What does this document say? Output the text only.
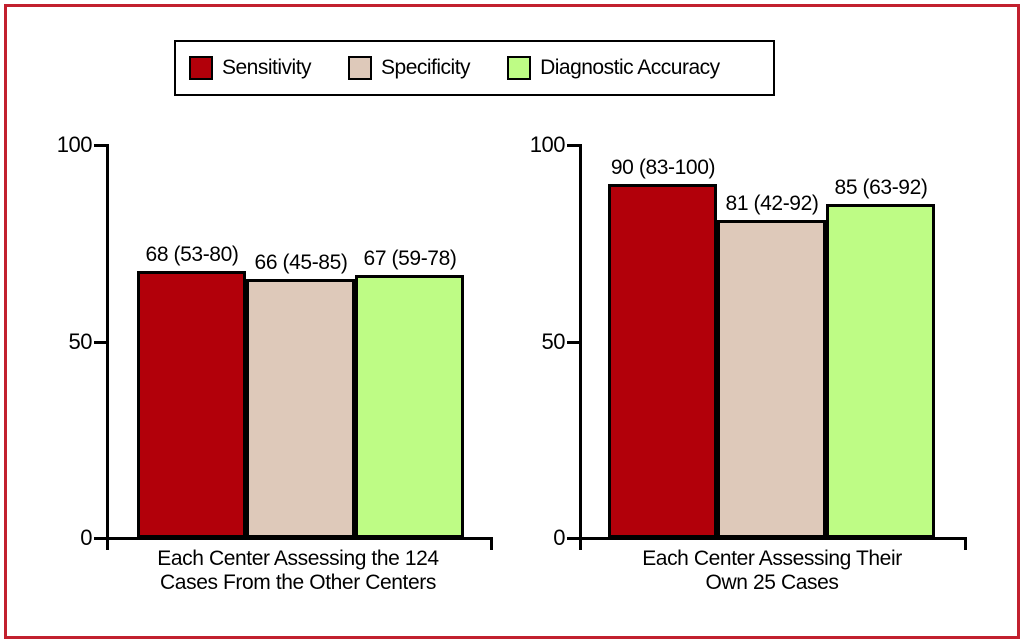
Sensitivity	Specificity	Diagnostic Accuracy
0
50
100
68 (53-80) 66 (45-85) 67 (59-78)
Each Center Assessing the 124
Cases From the Other Centers
0
50
100
90 (83-100)
81 (42-92)
85 (63-92)
Each Center Assessing Their
Own 25 Cases
